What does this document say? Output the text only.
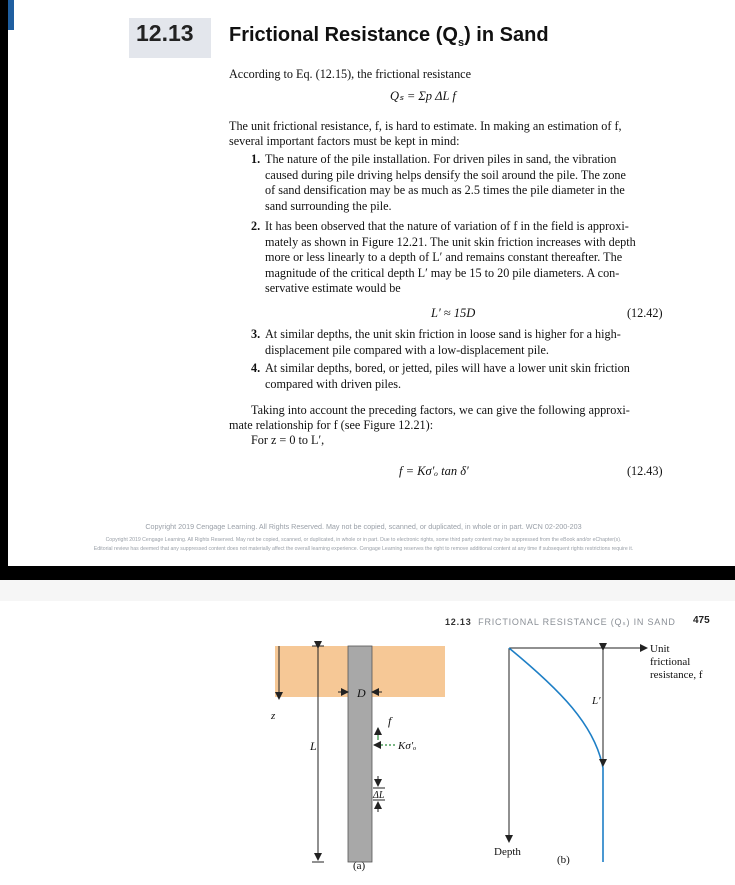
12.13 Frictional Resistance $(Q_s)$ in Sand
According to Eq. (12.15), the frictional resistance
Qₛ = Σp ΔL f
The unit frictional resistance, f, is hard to estimate. In making an estimation of f,
several important factors must be kept in mind:
1. The nature of the pile installation. For driven piles in sand, the vibration
caused during pile driving helps densify the soil around the pile. The zone
of sand densification may be as much as 2.5 times the pile diameter in the
sand surrounding the pile.
2. It has been observed that the nature of variation of f in the field is approxi-
mately as shown in Figure 12.21. The unit skin friction increases with depth
more or less linearly to a depth of L′ and remains constant thereafter. The
magnitude of the critical depth L′ may be 15 to 20 pile diameters. A con-
servative estimate would be
L′ ≈ 15D	(12.42)
3. At similar depths, the unit skin friction in loose sand is higher for a high-
displacement pile compared with a low-displacement pile.
4. At similar depths, bored, or jetted, piles will have a lower unit skin friction
compared with driven piles.
Taking into account the preceding factors, we can give the following approxi-
mate relationship for f (see Figure 12.21):
For z = 0 to L′,
f = Kσ′ₒ tan δ′	(12.43)
Copyright 2019 Cengage Learning. All Rights Reserved. May not be copied, scanned, or duplicated, in whole or in part. WCN 02-200-203
Copyright 2019 Cengage Learning. All Rights Reserved. May not be copied, scanned, or duplicated, in whole or in part. Due to electronic rights, some third party content may be suppressed from the eBook and/or eChapter(s).
Editorial review has deemed that any suppressed content does not materially affect the overall learning experience. Cengage Learning reserves the right to remove additional content at any time if subsequent rights restrictions require it.
12.13 FRICTIONAL RESISTANCE (Qₛ) IN SAND 475
D
z
L
f
Kσ′ₒ
ΔL
(a)
Unit
frictional
resistance, f
L′
Depth
(b)
